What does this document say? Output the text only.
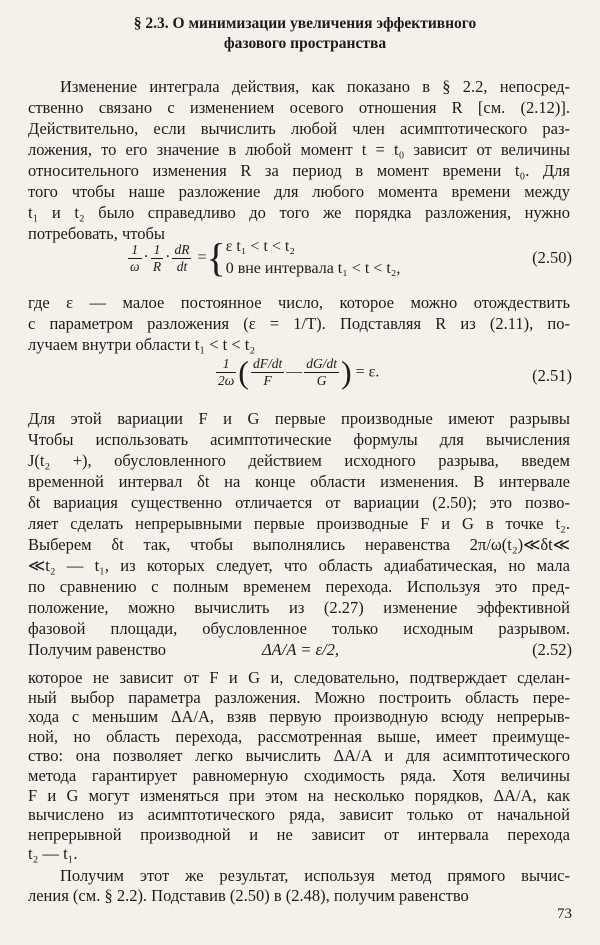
§ 2.3. О минимизации увеличения эффективного
фазового пространства
Изменение интеграла действия, как показано в § 2.2, непосред-
ственно связано с изменением осевого отношения R [см. (2.12)].
Действительно, если вычислить любой член асимптотического раз-
ложения, то его значение в любой момент t = t₀ зависит от величины
относительного изменения R за период в момент времени t₀. Для
того чтобы наше разложение для любого момента времени между
t₁ и t₂ было справедливо до того же порядка разложения, нужно
потребовать, чтобы
$\frac{1}{\omega} \cdot \frac{1}{R} \cdot \frac{dR}{dt}$ ={ ε t₁ < t < t₂
0 вне интервала t₁ < t < t₂,
(2.50)
где ε — малое постоянное число, которое можно отождествить
с параметром разложения (ε = 1/T). Подставляя R из (2.11), по-
лучаем внутри области t₁ < t < t₂
$\frac{1}{2\omega}$ ( $\frac{dF/dt}{F}$ — $\frac{dG/dt}{G}$ ) = ε.	(2.51)
Для этой вариации F и G первые производные имеют разрывы
Чтобы использовать асимптотические формулы для вычисления
J(t₂ +), обусловленного действием исходного разрыва, введем
временной интервал δt на конце области изменения. В интервале
δt вариация существенно отличается от вариации (2.50); это позво-
ляет сделать непрерывными первые производные F и G в точке t₂.
Выберем δt так, чтобы выполнялись неравенства 2π/ω(t₂)≪δt≪
≪t₂ — t₁, из которых следует, что область адиабатическая, но мала
по сравнению с полным временем перехода. Используя это пред-
положение, можно вычислить из (2.27) изменение эффективной
фазовой площади, обусловленное только исходным разрывом.
Получим равенство	ΔA/A = ε/2,	(2.52)
которое не зависит от F и G и, следовательно, подтверждает сделан-
ный выбор параметра разложения. Можно построить область пере-
хода с меньшим ΔA/A, взяв первую производную всюду непрерыв-
ной, но область перехода, рассмотренная выше, имеет преимуще-
ство: она позволяет легко вычислить ΔA/A и для асимптотического
метода гарантирует равномерную сходимость ряда. Хотя величины
F и G могут изменяться при этом на несколько порядков, ΔA/A, как
вычислено из асимптотического ряда, зависит только от начальной
непрерывной производной и не зависит от интервала перехода
t₂ — t₁.
73
Получим этот же результат, используя метод прямого вычис-
ления (см. § 2.2). Подставив (2.50) в (2.48), получим равенство
